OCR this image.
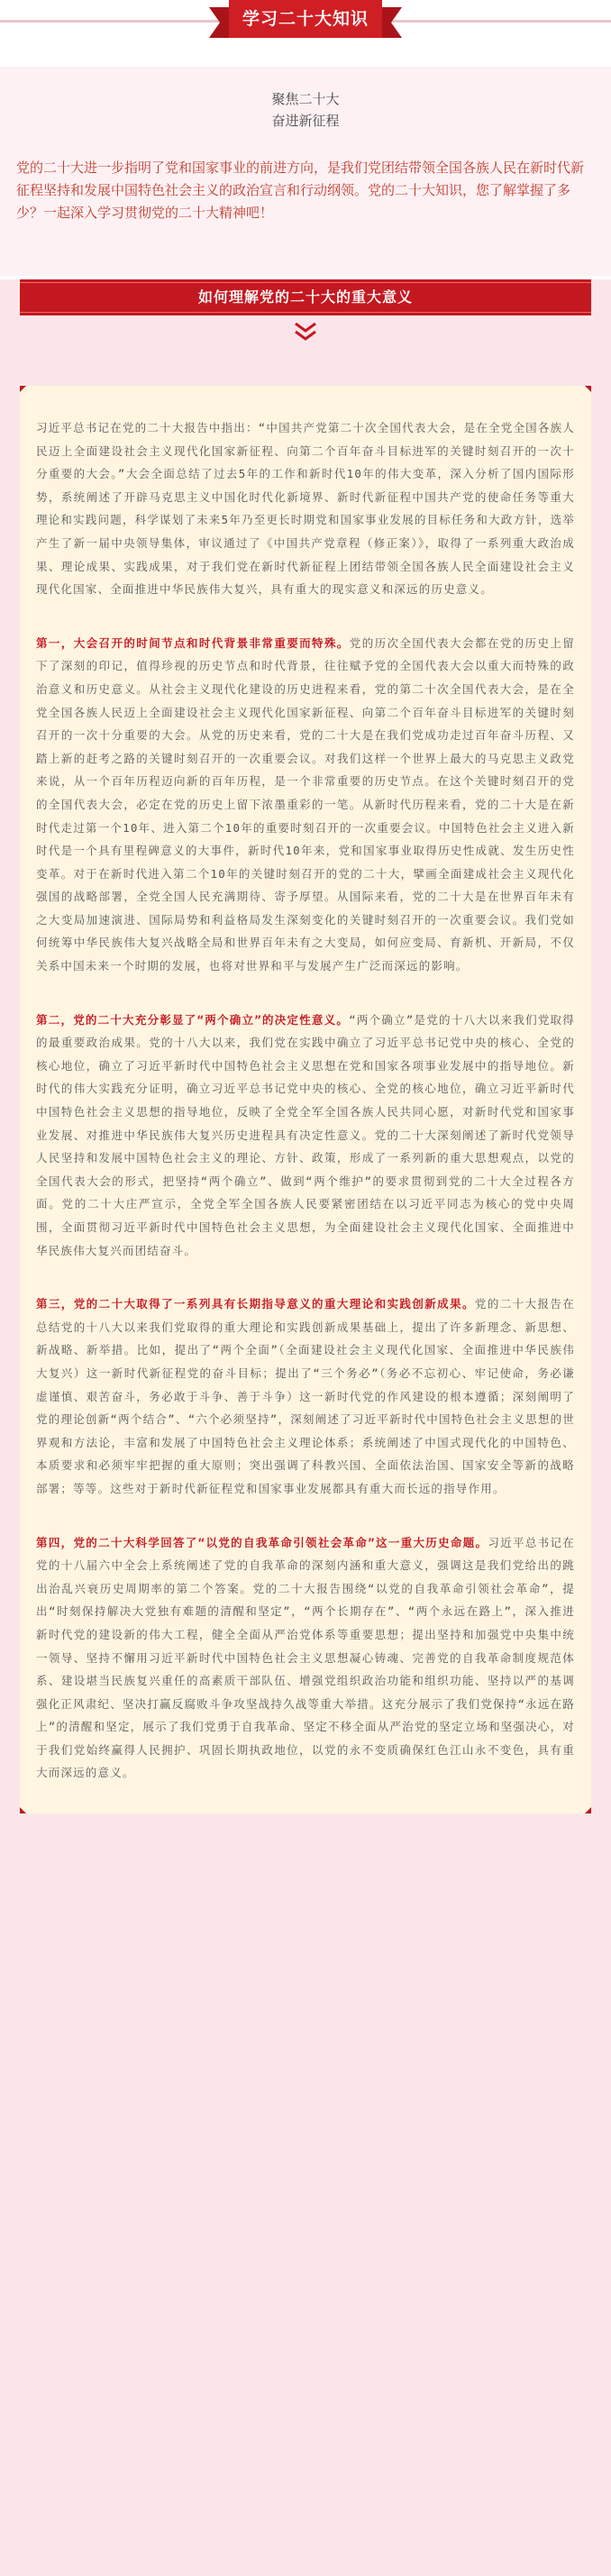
学习二十大知识
聚焦二十大
奋进新征程
党的二十大进一步指明了党和国家事业的前进方向，是我们党团结带领全国各族人民在新时代新征程坚持和发展中国特色社会主义的政治宣言和行动纲领。党的二十大知识，您了解掌握了多少？一起深入学习贯彻党的二十大精神吧！
如何理解党的二十大的重大意义

习近平总书记在党的二十大报告中指出：“中国共产党第二十次全国代表大会，是在全党全国各族人民迈上全面建设社会主义现代化国家新征程、向第二个百年奋斗目标进军的关键时刻召开的一次十分重要的大会。”大会全面总结了过去5年的工作和新时代10年的伟大变革，深入分析了国内国际形势，系统阐述了开辟马克思主义中国化时代化新境界、新时代新征程中国共产党的使命任务等重大理论和实践问题，科学谋划了未来5年乃至更长时期党和国家事业发展的目标任务和大政方针，选举产生了新一届中央领导集体，审议通过了《中国共产党章程（修正案）》，取得了一系列重大政治成果、理论成果、实践成果，对于我们党在新时代新征程上团结带领全国各族人民全面建设社会主义现代化国家、全面推进中华民族伟大复兴，具有重大的现实意义和深远的历史意义。

第一，大会召开的时间节点和时代背景非常重要而特殊。党的历次全国代表大会都在党的历史上留下了深刻的印记，值得珍视的历史节点和时代背景，往往赋予党的全国代表大会以重大而特殊的政治意义和历史意义。从社会主义现代化建设的历史进程来看，党的第二十次全国代表大会，是在全党全国各族人民迈上全面建设社会主义现代化国家新征程、向第二个百年奋斗目标进军的关键时刻召开的一次十分重要的大会。从党的历史来看，党的二十大是在我们党成功走过百年奋斗历程、又踏上新的赶考之路的关键时刻召开的一次重要会议。对我们这样一个世界上最大的马克思主义政党来说，从一个百年历程迈向新的百年历程，是一个非常重要的历史节点。在这个关键时刻召开的党的全国代表大会，必定在党的历史上留下浓墨重彩的一笔。从新时代历程来看，党的二十大是在新时代走过第一个10年、进入第二个10年的重要时刻召开的一次重要会议。中国特色社会主义进入新时代是一个具有里程碑意义的大事件，新时代10年来，党和国家事业取得历史性成就、发生历史性变革。对于在新时代进入第二个10年的关键时刻召开的党的二十大，擘画全面建成社会主义现代化强国的战略部署，全党全国人民充满期待、寄予厚望。从国际来看，党的二十大是在世界百年未有之大变局加速演进、国际局势和利益格局发生深刻变化的关键时刻召开的一次重要会议。我们党如何统筹中华民族伟大复兴战略全局和世界百年未有之大变局，如何应变局、育新机、开新局，不仅关系中国未来一个时期的发展，也将对世界和平与发展产生广泛而深远的影响。

第二，党的二十大充分彰显了“两个确立”的决定性意义。“两个确立”是党的十八大以来我们党取得的最重要政治成果。党的十八大以来，我们党在实践中确立了习近平总书记党中央的核心、全党的核心地位，确立了习近平新时代中国特色社会主义思想在党和国家各项事业发展中的指导地位。新时代的伟大实践充分证明，确立习近平总书记党中央的核心、全党的核心地位，确立习近平新时代中国特色社会主义思想的指导地位，反映了全党全军全国各族人民共同心愿，对新时代党和国家事业发展、对推进中华民族伟大复兴历史进程具有决定性意义。党的二十大深刻阐述了新时代党领导人民坚持和发展中国特色社会主义的理论、方针、政策，形成了一系列新的重大思想观点，以党的全国代表大会的形式，把坚持“两个确立”、做到“两个维护”的要求贯彻到党的二十大全过程各方面。党的二十大庄严宣示，全党全军全国各族人民要紧密团结在以习近平同志为核心的党中央周围，全面贯彻习近平新时代中国特色社会主义思想，为全面建设社会主义现代化国家、全面推进中华民族伟大复兴而团结奋斗。

第三，党的二十大取得了一系列具有长期指导意义的重大理论和实践创新成果。党的二十大报告在总结党的十八大以来我们党取得的重大理论和实践创新成果基础上，提出了许多新理念、新思想、新战略、新举措。比如，提出了“两个全面”（全面建设社会主义现代化国家、全面推进中华民族伟大复兴）这一新时代新征程党的奋斗目标；提出了“三个务必”（务必不忘初心、牢记使命，务必谦虚谨慎、艰苦奋斗，务必敢于斗争、善于斗争）这一新时代党的作风建设的根本遵循；深刻阐明了党的理论创新“两个结合”、“六个必须坚持”，深刻阐述了习近平新时代中国特色社会主义思想的世界观和方法论，丰富和发展了中国特色社会主义理论体系；系统阐述了中国式现代化的中国特色、本质要求和必须牢牢把握的重大原则；突出强调了科教兴国、全面依法治国、国家安全等新的战略部署；等等。这些对于新时代新征程党和国家事业发展都具有重大而长远的指导作用。

第四，党的二十大科学回答了“以党的自我革命引领社会革命”这一重大历史命题。习近平总书记在党的十八届六中全会上系统阐述了党的自我革命的深刻内涵和重大意义，强调这是我们党给出的跳出治乱兴衰历史周期率的第二个答案。党的二十大报告围绕“以党的自我革命引领社会革命”，提出“时刻保持解决大党独有难题的清醒和坚定”，“两个长期存在”、“两个永远在路上”，深入推进新时代党的建设新的伟大工程，健全全面从严治党体系等重要思想；提出坚持和加强党中央集中统一领导、坚持不懈用习近平新时代中国特色社会主义思想凝心铸魂、完善党的自我革命制度规范体系、建设堪当民族复兴重任的高素质干部队伍、增强党组织政治功能和组织功能、坚持以严的基调强化正风肃纪、坚决打赢反腐败斗争攻坚战持久战等重大举措。这充分展示了我们党保持“永远在路上”的清醒和坚定，展示了我们党勇于自我革命、坚定不移全面从严治党的坚定立场和坚强决心，对于我们党始终赢得人民拥护、巩固长期执政地位，以党的永不变质确保红色江山永不变色，具有重大而深远的意义。
